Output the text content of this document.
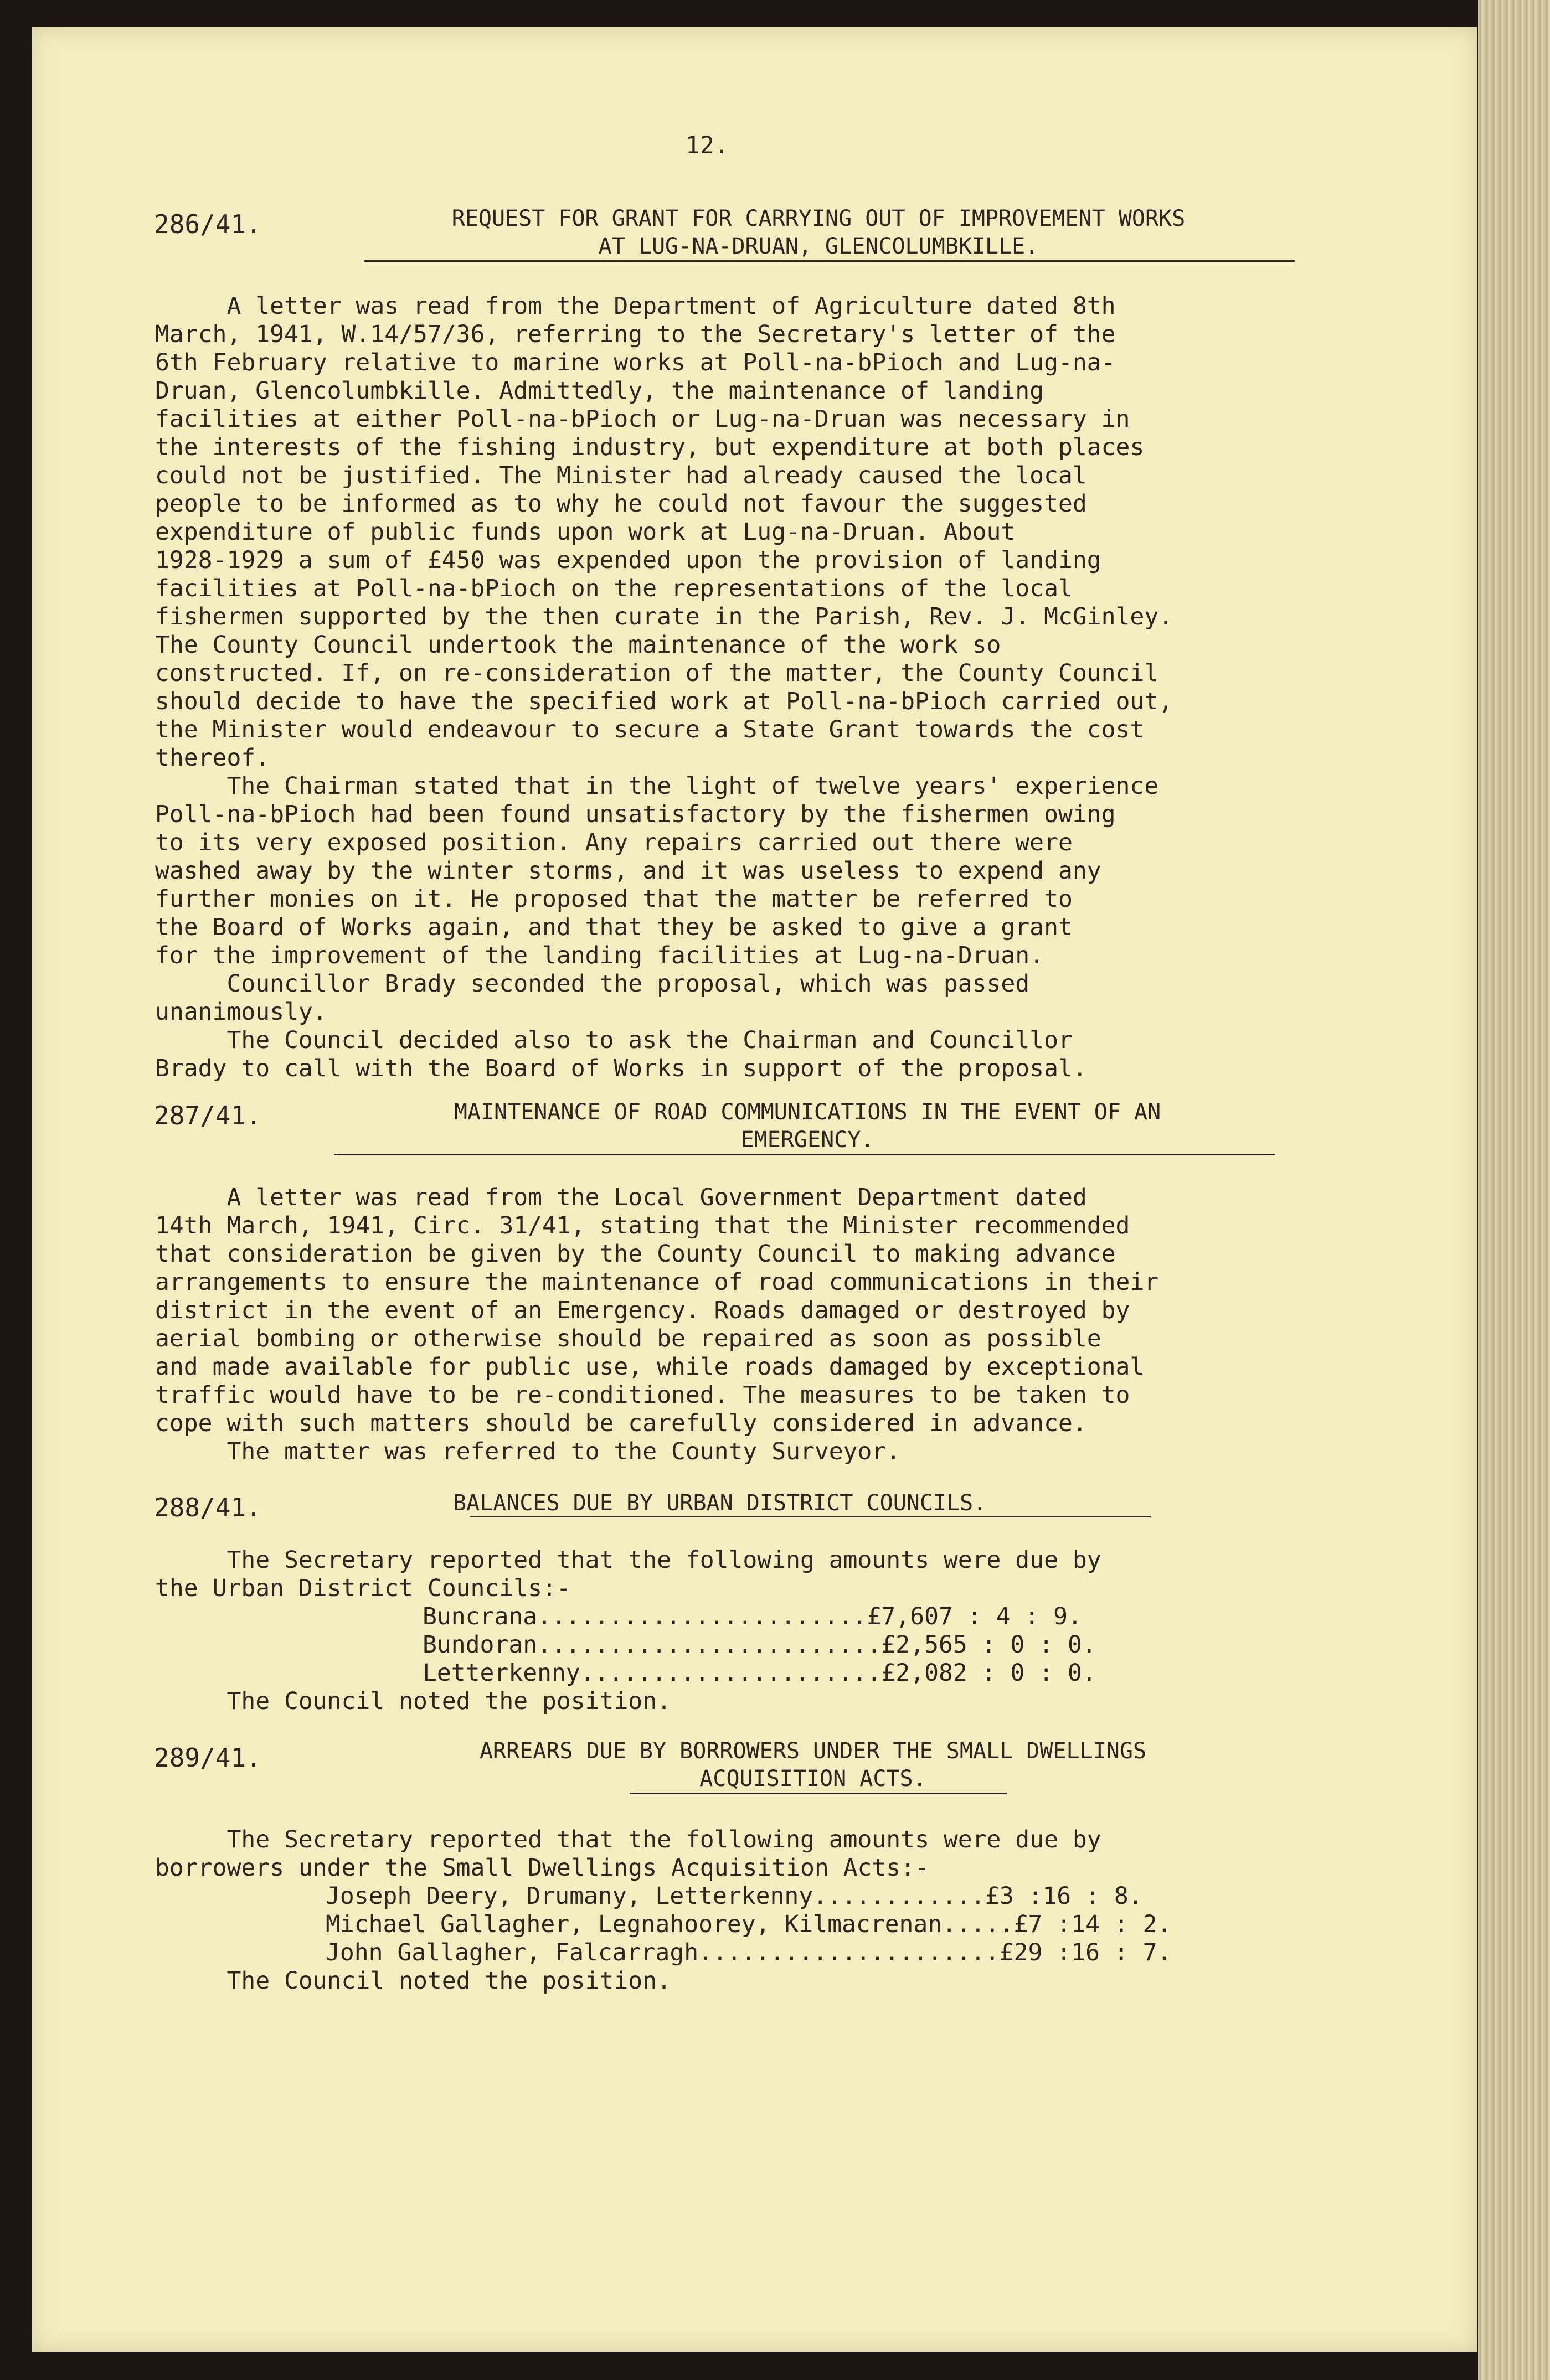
12.
286/41.	REQUEST FOR GRANT FOR CARRYING OUT OF IMPROVEMENT WORKS
AT LUG-NA-DRUAN, GLENCOLUMBKILLE.
A letter was read from the Department of Agriculture dated 8th
March, 1941, W.14/57/36, referring to the Secretary's letter of the
6th February relative to marine works at Poll-na-bPioch and Lug-na-
Druan, Glencolumbkille. Admittedly, the maintenance of landing
facilities at either Poll-na-bPioch or Lug-na-Druan was necessary in
the interests of the fishing industry, but expenditure at both places
could not be justified. The Minister had already caused the local
people to be informed as to why he could not favour the suggested
expenditure of public funds upon work at Lug-na-Druan. About
1928-1929 a sum of £450 was expended upon the provision of landing
facilities at Poll-na-bPioch on the representations of the local
fishermen supported by the then curate in the Parish, Rev. J. McGinley.
The County Council undertook the maintenance of the work so
constructed. If, on re-consideration of the matter, the County Council
should decide to have the specified work at Poll-na-bPioch carried out,
the Minister would endeavour to secure a State Grant towards the cost
thereof.
The Chairman stated that in the light of twelve years' experience
Poll-na-bPioch had been found unsatisfactory by the fishermen owing
to its very exposed position. Any repairs carried out there were
washed away by the winter storms, and it was useless to expend any
further monies on it. He proposed that the matter be referred to
the Board of Works again, and that they be asked to give a grant
for the improvement of the landing facilities at Lug-na-Druan.
Councillor Brady seconded the proposal, which was passed
unanimously.
The Council decided also to ask the Chairman and Councillor
Brady to call with the Board of Works in support of the proposal.
287/41.	MAINTENANCE OF ROAD COMMUNICATIONS IN THE EVENT OF AN
EMERGENCY.
A letter was read from the Local Government Department dated
14th March, 1941, Circ. 31/41, stating that the Minister recommended
that consideration be given by the County Council to making advance
arrangements to ensure the maintenance of road communications in their
district in the event of an Emergency. Roads damaged or destroyed by
aerial bombing or otherwise should be repaired as soon as possible
and made available for public use, while roads damaged by exceptional
traffic would have to be re-conditioned. The measures to be taken to
cope with such matters should be carefully considered in advance.
The matter was referred to the County Surveyor.
288/41.	BALANCES DUE BY URBAN DISTRICT COUNCILS.
The Secretary reported that the following amounts were due by
the Urban District Councils:-
Buncrana.......................£7,607 : 4 : 9.
Bundoran........................£2,565 : 0 : 0.
Letterkenny.....................£2,082 : 0 : 0.
The Council noted the position.
289/41.	ARREARS DUE BY BORROWERS UNDER THE SMALL DWELLINGS
ACQUISITION ACTS.
The Secretary reported that the following amounts were due by
borrowers under the Small Dwellings Acquisition Acts:-
Joseph Deery, Drumany, Letterkenny............£3 :16 : 8.
Michael Gallagher, Legnahoorey, Kilmacrenan.....£7 :14 : 2.
John Gallagher, Falcarragh.....................£29 :16 : 7.
The Council noted the position.
